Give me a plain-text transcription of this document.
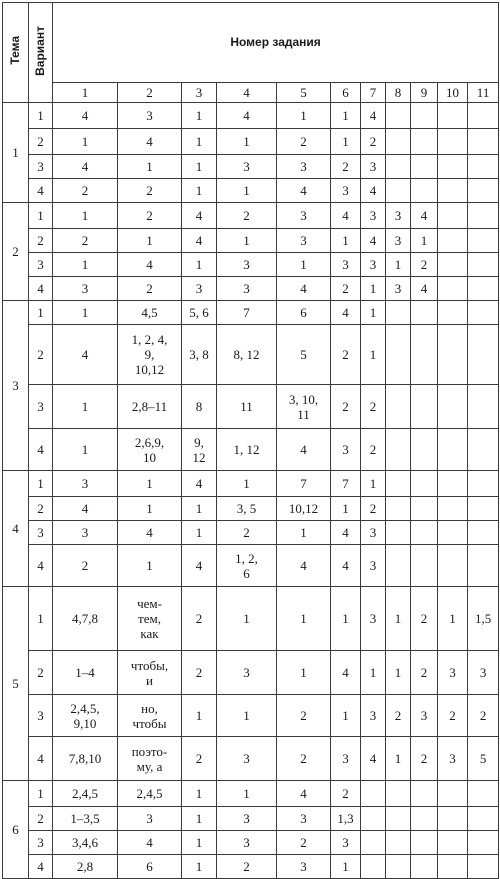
Тема	Вариант	Номер задания										
		1	2	3	4	5	6	7	8	9	10	11
1	1	4	3	1	4	1	1	4				

	2	1	4	1	1	2	1	2				

	3	4	1	1	3	3	2	3				

	4	2	2	1	1	4	3	4				

2	1	1	2	4	2	3	4	3	3	4		

	2	2	1	4	1	3	1	4	3	1		

	3	1	4	1	3	1	3	3	1	2		

	4	3	2	3	3	4	2	1	3	4		

3	1	1	4,5	5, 6	7	6	4	1				

	2	4	1, 2, 4,
9,
10,12	3, 8	8, 12	5	2	1				

	3	1	2,8–11	8	11	3, 10,
11	2	2				

	4	1	2,6,9,
10	9,
12	1, 12	4	3	2				

4	1	3	1	4	1	7	7	1				

	2	4	1	1	3, 5	10,12	1	2				

	3	3	4	1	2	1	4	3				

	4	2	1	4	1, 2,
6	4	4	3				

5	1	4,7,8	чем-
тем,
как	2	1	1	1	3	1	2	1	1,5

	2	1–4	чтобы,
и	2	3	1	4	1	1	2	3	3

	3	2,4,5,
9,10	но,
чтобы	1	1	2	1	3	2	3	2	2

	4	7,8,10	поэто-
му, а	2	3	2	3	4	1	2	3	5

6	1	2,4,5	2,4,5	1	1	4	2					

	2	1–3,5	3	1	3	3	1,3					

	3	3,4,6	4	1	3	2	3					

	4	2,8	6	1	2	3	1					
